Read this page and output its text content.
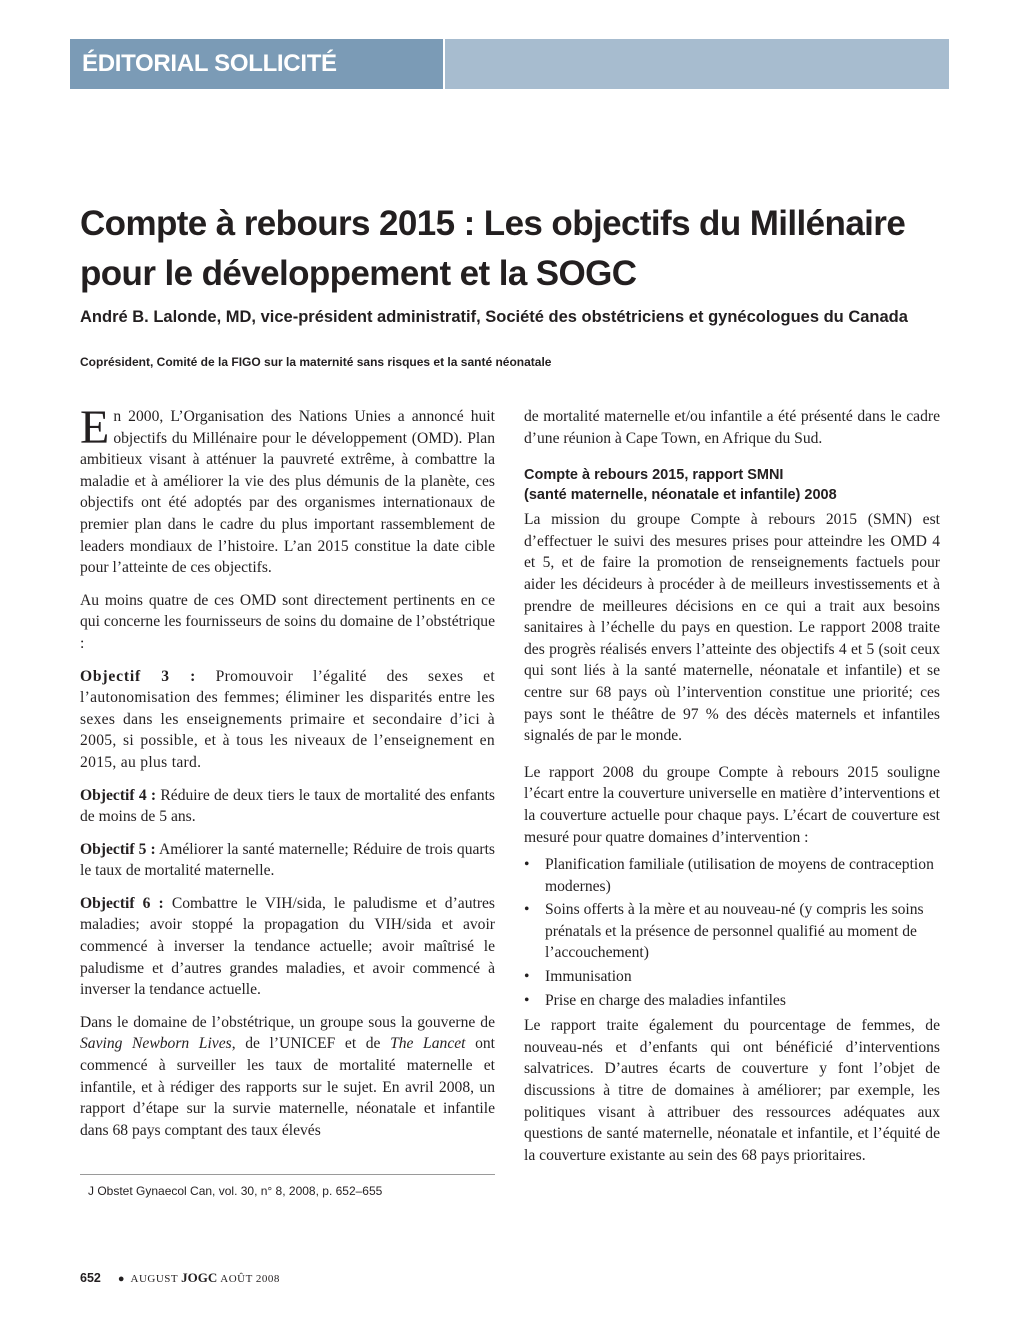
ÉDITORIAL SOLLICITÉ
Compte à rebours 2015 : Les objectifs du Millénaire pour le développement et la SOGC
André B. Lalonde, MD, vice-président administratif, Société des obstétriciens et gynécologues du Canada
Coprésident, Comité de la FIGO sur la maternité sans risques et la santé néonatale

En 2000, L’Organisation des Nations Unies a annoncé huit objectifs du Millénaire pour le développement (OMD). Plan ambitieux visant à atténuer la pauvreté extrême, à combattre la maladie et à améliorer la vie des plus démunis de la planète, ces objectifs ont été adoptés par des organismes internationaux de premier plan dans le cadre du plus important rassemblement de leaders mondiaux de l’histoire. L’an 2015 constitue la date cible pour l’atteinte de ces objectifs.

Au moins quatre de ces OMD sont directement pertinents en ce qui concerne les fournisseurs de soins du domaine de l’obstétrique :

Objectif 3 : Promouvoir l’égalité des sexes et l’autonomisation des femmes; éliminer les disparités entre les sexes dans les enseignements primaire et secondaire d’ici à 2005, si possible, et à tous les niveaux de l’enseignement en 2015, au plus tard.

Objectif 4 : Réduire de deux tiers le taux de mortalité des enfants de moins de 5 ans.

Objectif 5 : Améliorer la santé maternelle; Réduire de trois quarts le taux de mortalité maternelle.

Objectif 6 : Combattre le VIH/sida, le paludisme et d’autres maladies; avoir stoppé la propagation du VIH/sida et avoir commencé à inverser la tendance actuelle; avoir maîtrisé le paludisme et d’autres grandes maladies, et avoir commencé à inverser la tendance actuelle.

Dans le domaine de l’obstétrique, un groupe sous la gouverne de Saving Newborn Lives, de l’UNICEF et de The Lancet ont commencé à surveiller les taux de mortalité maternelle et infantile, et à rédiger des rapports sur le sujet. En avril 2008, un rapport d’étape sur la survie maternelle, néonatale et infantile dans 68 pays comptant des taux élevés

de mortalité maternelle et/ou infantile a été présenté dans le cadre d’une réunion à Cape Town, en Afrique du Sud.

Compte à rebours 2015, rapport SMNI
(santé maternelle, néonatale et infantile) 2008

La mission du groupe Compte à rebours 2015 (SMN) est d’effectuer le suivi des mesures prises pour atteindre les OMD 4 et 5, et de faire la promotion de renseignements factuels pour aider les décideurs à procéder à de meilleurs investissements et à prendre de meilleures décisions en ce qui a trait aux besoins sanitaires à l’échelle du pays en question. Le rapport 2008 traite des progrès réalisés envers l’atteinte des objectifs 4 et 5 (soit ceux qui sont liés à la santé maternelle, néonatale et infantile) et se centre sur 68 pays où l’intervention constitue une priorité; ces pays sont le théâtre de 97 % des décès maternels et infantiles signalés de par le monde.

Le rapport 2008 du groupe Compte à rebours 2015 souligne l’écart entre la couverture universelle en matière d’interventions et la couverture actuelle pour chaque pays. L’écart de couverture est mesuré pour quatre domaines d’intervention :

• Planification familiale (utilisation de moyens de contraception modernes)
• Soins offerts à la mère et au nouveau-né (y compris les soins prénatals et la présence de personnel qualifié au moment de l’accouchement)
• Immunisation
• Prise en charge des maladies infantiles

Le rapport traite également du pourcentage de femmes, de nouveau-nés et d’enfants qui ont bénéficié d’interventions salvatrices. D’autres écarts de couverture y font l’objet de discussions à titre de domaines à améliorer; par exemple, les politiques visant à attribuer des ressources adéquates aux questions de santé maternelle, néonatale et infantile, et l’équité de la couverture existante au sein des 68 pays prioritaires.

J Obstet Gynaecol Can, vol. 30, n° 8, 2008, p. 652–655
652 ● AUGUST JOGC AOÛT 2008
